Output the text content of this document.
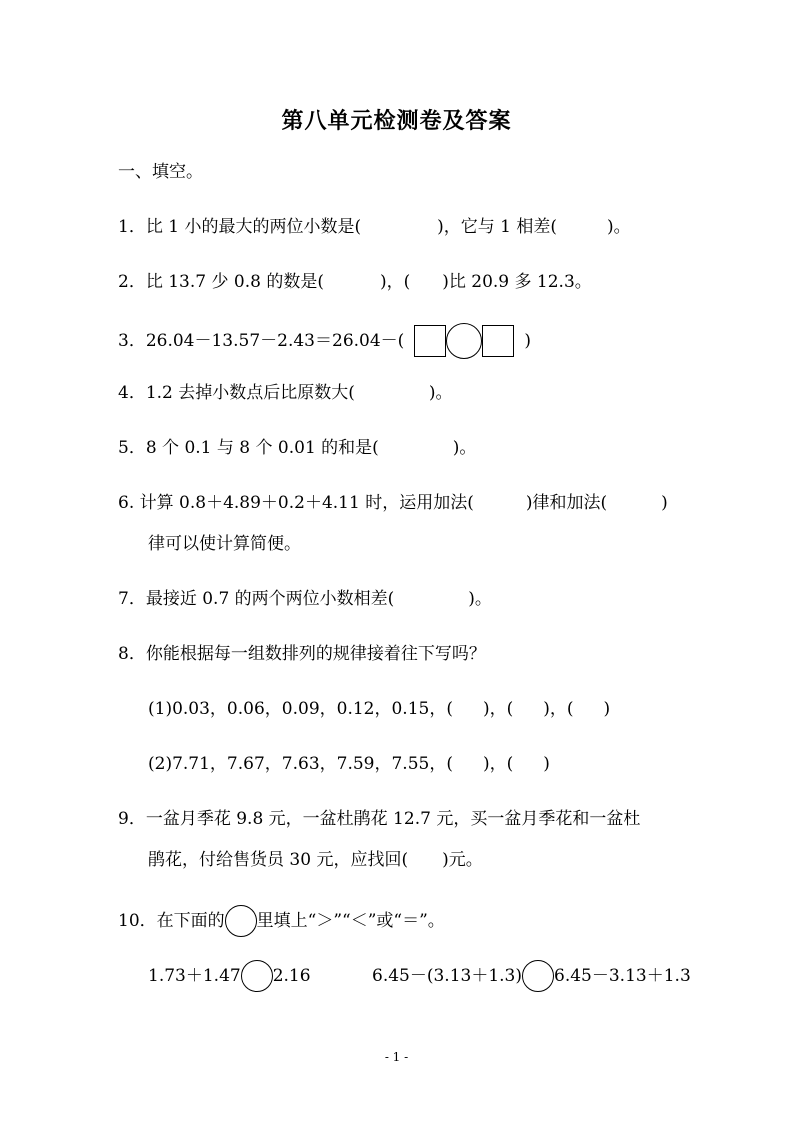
第八单元检测卷及答案
一、填空。
1．比 1 小的最大的两位小数是(	)，它与 1 相差(	)。
2．比 13.7 少 0.8 的数是(	)，( )比 20.9 多 12.3。
3．26.04－13.57－2.43＝26.04－(	)
4．1.2 去掉小数点后比原数大(	)。
5．8 个 0.1 与 8 个 0.01 的和是(	)。
6. 计算 0.8＋4.89＋0.2＋4.11 时，运用加法(	)律和加法(	)
律可以使计算简便。
7．最接近 0.7 的两个两位小数相差(	)。
8．你能根据每一组数排列的规律接着往下写吗？
(1)0.03，0.06，0.09，0.12，0.15，( )，( )，( )
(2)7.71，7.67，7.63，7.59，7.55，( )，( )
9．一盆月季花 9.8 元，一盆杜鹃花 12.7 元，买一盆月季花和一盆杜
鹃花，付给售货员 30 元，应找回( )元。
10．在下面的 里填上“＞”“＜”或“＝”。
1.73＋1.47 2.16	6.45－(3.13＋1.3) 6.45－3.13＋1.3
- 1 -
